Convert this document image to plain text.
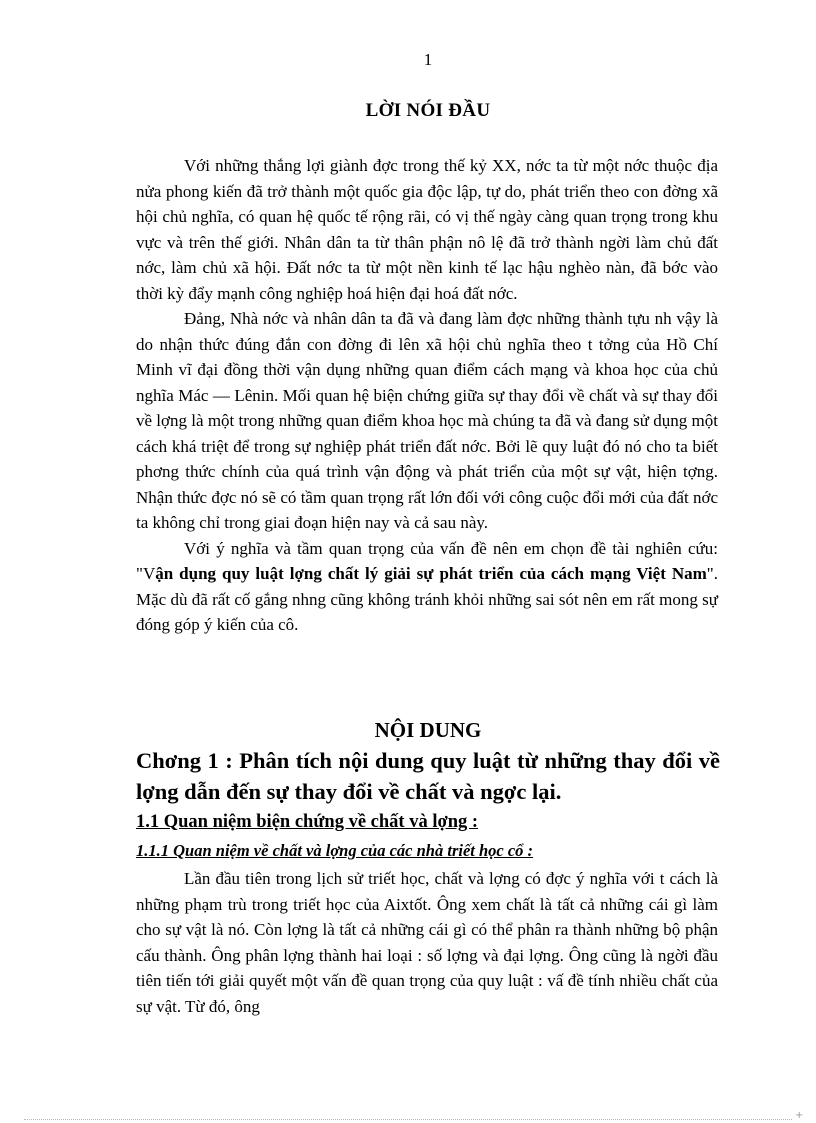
1
LỜI NÓI ĐẦU

Với những thắng lợi giành đợc trong thế kỷ XX, nớc ta từ một nớc thuộc địa nửa phong kiến đã trở thành một quốc gia độc lập, tự do, phát triển theo con đờng xã hội chủ nghĩa, có quan hệ quốc tế rộng rãi, có vị thế ngày càng quan trọng trong khu vực và trên thế giới. Nhân dân ta từ thân phận nô lệ đã trở thành ngời làm chủ đất nớc, làm chủ xã hội. Đất nớc ta từ một nền kinh tế lạc hậu nghèo nàn, đã bớc vào thời kỳ đẩy mạnh công nghiệp hoá hiện đại hoá đất nớc.

Đảng, Nhà nớc và nhân dân ta đã và đang làm đợc những thành tựu nh vậy là do nhận thức đúng đắn con đờng đi lên xã hội chủ nghĩa theo t tởng của Hồ Chí Minh vĩ đại đồng thời vận dụng những quan điểm cách mạng và khoa học của chủ nghĩa Mác — Lênin. Mối quan hệ biện chứng giữa sự thay đổi về chất và sự thay đổi về lợng là một trong những quan điểm khoa học mà chúng ta đã và đang sử dụng một cách khá triệt để trong sự nghiệp phát triển đất nớc. Bởi lẽ quy luật đó nó cho ta biết phơng thức chính của quá trình vận động và phát triển của một sự vật, hiện tợng. Nhận thức đợc nó sẽ có tầm quan trọng rất lớn đối với công cuộc đổi mới của đất nớc ta không chỉ trong giai đoạn hiện nay và cả sau này.

Với ý nghĩa và tầm quan trọng của vấn đề nên em chọn đề tài nghiên cứu: "Vận dụng quy luật lợng chất lý giải sự phát triển của cách mạng Việt Nam". Mặc dù đã rất cố gắng nhng cũng không tránh khỏi những sai sót nên em rất mong sự đóng góp ý kiến của cô.

NỘI DUNG
Chơng 1 : Phân tích nội dung quy luật từ những thay đổi về lợng dẫn đến sự thay đổi về chất và ngợc lại.
1.1 Quan niệm biện chứng về chất và lợng :
1.1.1 Quan niệm về chất và lợng của các nhà triết học cổ :

Lần đầu tiên trong lịch sử triết học, chất và lợng có đợc ý nghĩa với t cách là những phạm trù trong triết học của Aixtốt. Ông xem chất là tất cả những cái gì làm cho sự vật là nó. Còn lợng là tất cả những cái gì có thể phân ra thành những bộ phận cấu thành. Ông phân lợng thành hai loại : số lợng và đại lợng. Ông cũng là ngời đầu tiên tiến tới giải quyết một vấn đề quan trọng của quy luật : vấ đề tính nhiều chất của sự vật. Từ đó, ông

+
